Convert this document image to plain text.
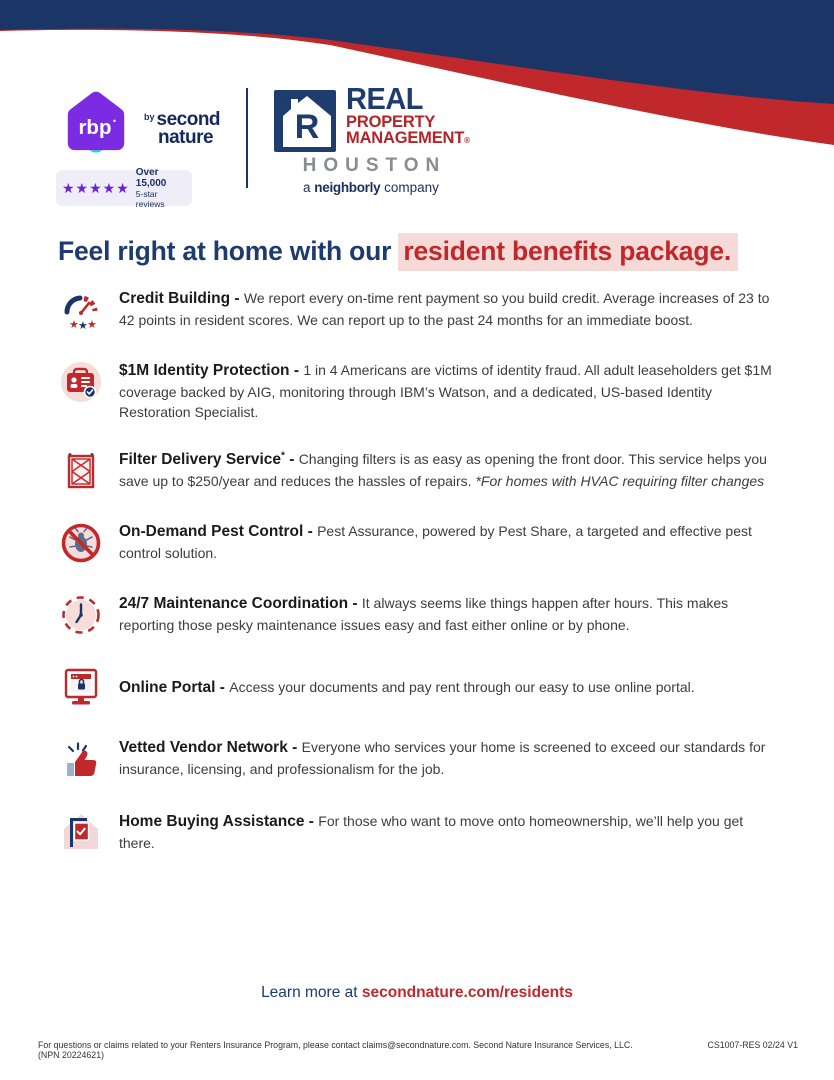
rbp	$^{by}$ second
nature
★★★★★
Over 15,000
5-star reviews
R
REAL
PROPERTY
MANAGEMENT®
HOUSTON
a neighborly company
Feel right at home with our resident benefits package.
★ ★ ★

Credit Building - We report every on-time rent payment so you build credit. Average increases of 23 to 42 points in resident scores. We can report up to the past 24 months for an immediate boost.

$1M Identity Protection - 1 in 4 Americans are victims of identity fraud. All adult leaseholders get $1M coverage backed by AIG, monitoring through IBM’s Watson, and a dedicated, US-based Identity Restoration Specialist.

Filter Delivery Service* - Changing filters is as easy as opening the front door. This service helps you save up to $250/year and reduces the hassles of repairs. *For homes with HVAC requiring filter changes

On-Demand Pest Control - Pest Assurance, powered by Pest Share, a targeted and effective pest control solution.

24/7 Maintenance Coordination - It always seems like things happen after hours. This makes reporting those pesky maintenance issues easy and fast either online or by phone.

Online Portal - Access your documents and pay rent through our easy to use online portal.

Vetted Vendor Network - Everyone who services your home is screened to exceed our standards for insurance, licensing, and professionalism for the job.

Home Buying Assistance - For those who want to move onto homeownership, we’ll help you get there.

Learn more at secondnature.com/residents
For questions or claims related to your Renters Insurance Program, please contact claims@secondnature.com. Second Nature Insurance Services, LLC. (NPN 20224621)
CS1007-RES 02/24 V1
